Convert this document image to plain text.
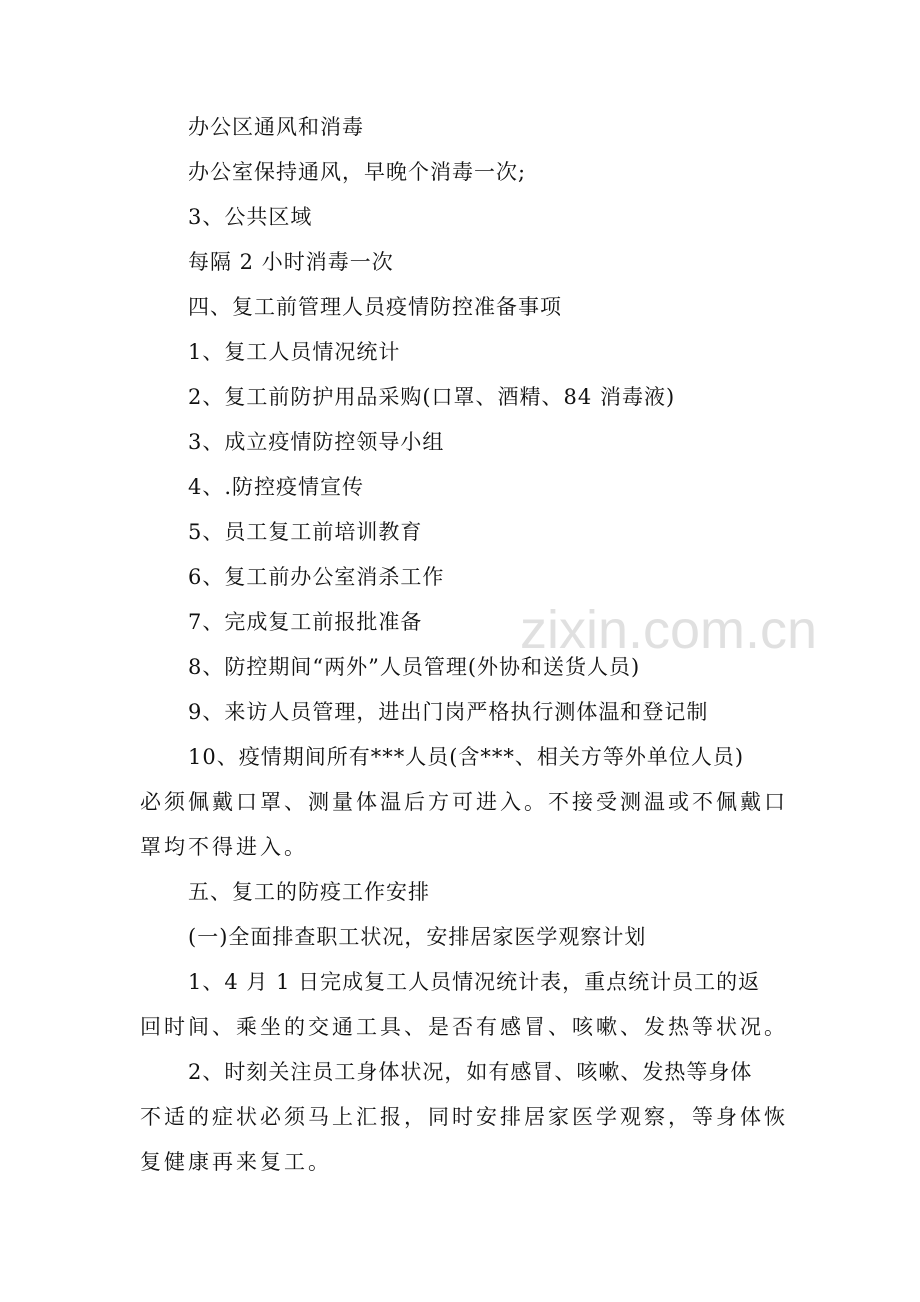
办公区通风和消毒
办公室保持通风，早晚个消毒一次;
3、公共区域
每隔 2 小时消毒一次
四、复工前管理人员疫情防控准备事项
1、复工人员情况统计
2、复工前防护用品采购(口罩、酒精、84 消毒液)
3、成立疫情防控领导小组
4、.防控疫情宣传
5、员工复工前培训教育
6、复工前办公室消杀工作
7、完成复工前报批准备
8、防控期间“两外”人员管理(外协和送货人员)
9、来访人员管理，进出门岗严格执行测体温和登记制
10、疫情期间所有***人员(含***、相关方等外单位人员)
必须佩戴口罩、测量体温后方可进入。不接受测温或不佩戴口
罩均不得进入。
五、复工的防疫工作安排
(一)全面排查职工状况，安排居家医学观察计划
1、4 月 1 日完成复工人员情况统计表，重点统计员工的返
回时间、乘坐的交通工具、是否有感冒、咳嗽、发热等状况。
2、时刻关注员工身体状况，如有感冒、咳嗽、发热等身体
不适的症状必须马上汇报，同时安排居家医学观察，等身体恢
复健康再来复工。
zixin.com.cn
